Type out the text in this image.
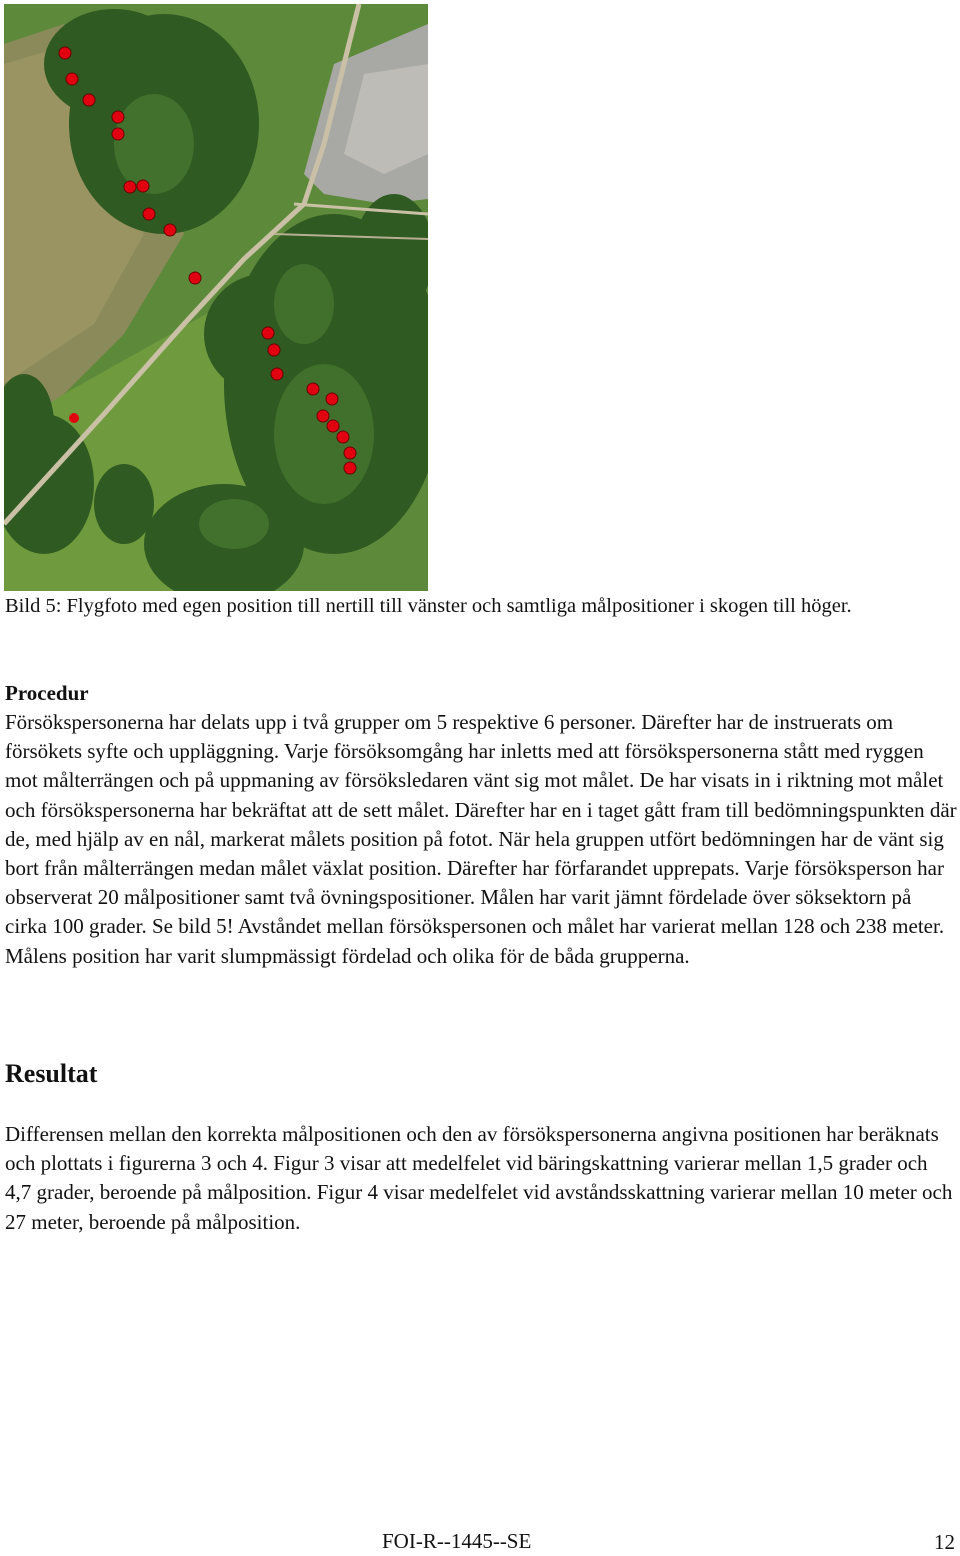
Bild 5: Flygfoto med egen position till nertill till vänster och samtliga målpositioner i skogen till höger.

Procedur

Försökspersonerna har delats upp i två grupper om 5 respektive 6 personer. Därefter har de instruerats om försökets syfte och uppläggning. Varje försöksomgång har inletts med att försökspersonerna stått med ryggen mot målterrängen och på uppmaning av försöksledaren vänt sig mot målet. De har visats in i riktning mot målet och försökspersonerna har bekräftat att de sett målet. Därefter har en i taget gått fram till bedömningspunkten där de, med hjälp av en nål, markerat målets position på fotot. När hela gruppen utfört bedömningen har de vänt sig bort från målterrängen medan målet växlat position. Därefter har förfarandet upprepats. Varje försöksperson har observerat 20 målpositioner samt två övningspositioner. Målen har varit jämnt fördelade över söksektorn på cirka 100 grader. Se bild 5! Avståndet mellan försökspersonen och målet har varierat mellan 128 och 238 meter. Målens position har varit slumpmässigt fördelad och olika för de båda grupperna.

Resultat

Differensen mellan den korrekta målpositionen och den av försökspersonerna angivna positionen har beräknats och plottats i figurerna 3 och 4. Figur 3 visar att medelfelet vid bäringskattning varierar mellan 1,5 grader och 4,7 grader, beroende på målposition. Figur 4 visar medelfelet vid avståndsskattning varierar mellan 10 meter och 27 meter, beroende på målposition.

FOI-R--1445--SE	12
